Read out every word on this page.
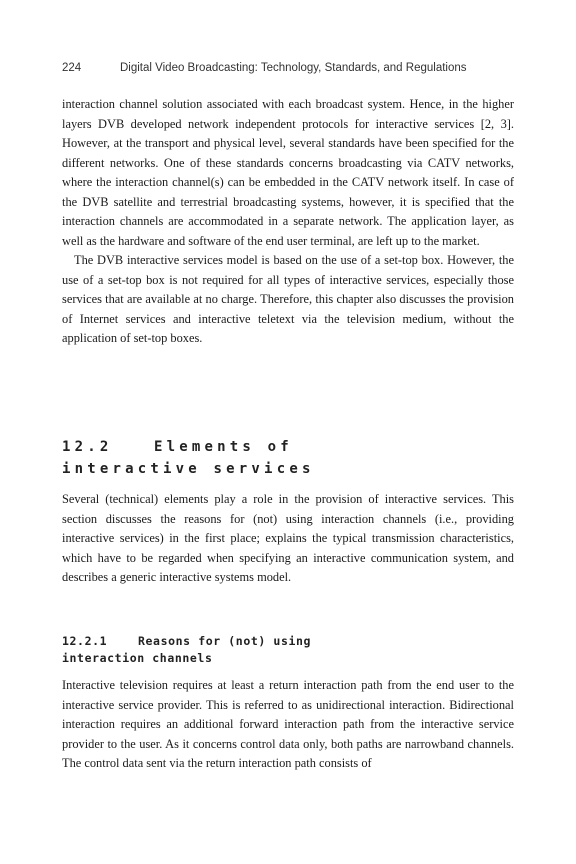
224	Digital Video Broadcasting: Technology, Standards, and Regulations

interaction channel solution associated with each broadcast system. Hence, in the higher layers DVB developed network independent protocols for interactive services [2, 3]. However, at the transport and physical level, several standards have been specified for the different networks. One of these standards concerns broadcasting via CATV networks, where the interaction channel(s) can be embedded in the CATV network itself. In case of the DVB satellite and terrestrial broadcasting systems, however, it is specified that the interaction channels are accommodated in a separate network. The application layer, as well as the hardware and software of the end user terminal, are left up to the market.

The DVB interactive services model is based on the use of a set-top box. However, the use of a set-top box is not required for all types of interactive services, especially those services that are available at no charge. Therefore, this chapter also discusses the provision of Internet services and interactive teletext via the television medium, without the application of set-top boxes.

12.2	Elements of
interactive services

Several (technical) elements play a role in the provision of interactive services. This section discusses the reasons for (not) using interaction channels (i.e., providing interactive services) in the first place; explains the typical transmission characteristics, which have to be regarded when specifying an interactive communication system, and describes a generic interactive systems model.

12.2.1	Reasons for (not) using
interaction channels

Interactive television requires at least a return interaction path from the end user to the interactive service provider. This is referred to as unidirectional interaction. Bidirectional interaction requires an additional forward interaction path from the interactive service provider to the user. As it concerns control data only, both paths are narrowband channels. The control data sent via the return interaction path consists of
